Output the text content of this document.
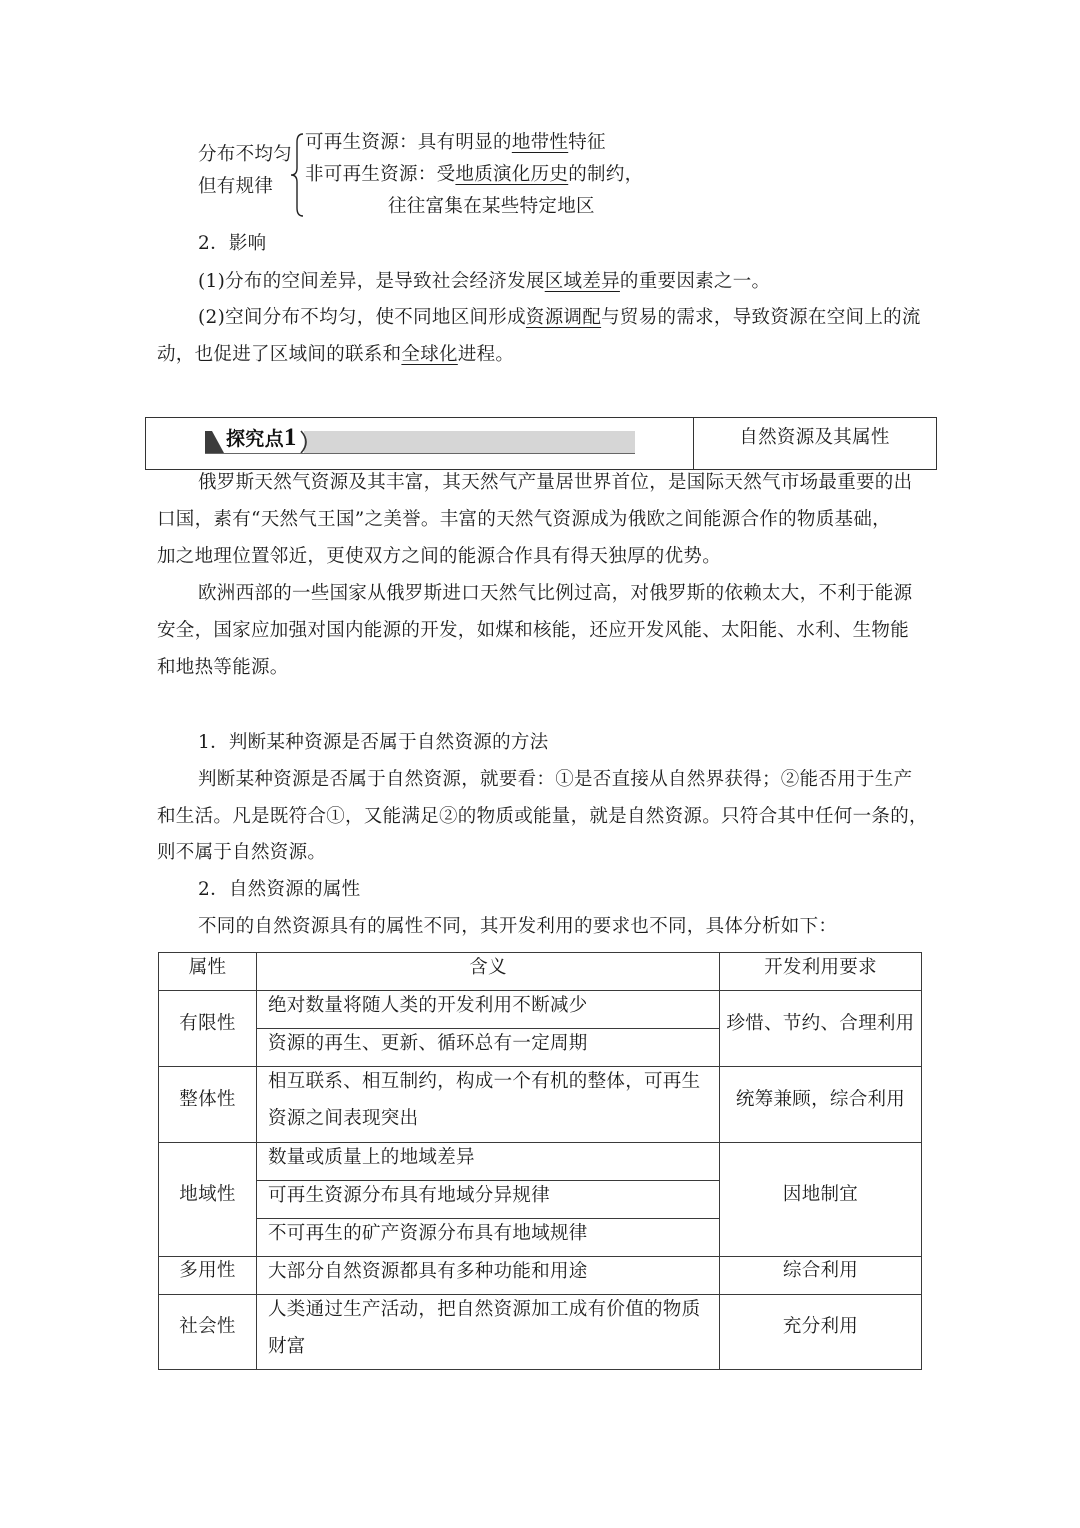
分布不均匀
但有规律
可再生资源：具有明显的地带性特征
非可再生资源：受地质演化历史的制约，
往往富集在某些特定地区
2．影响
(1)分布的空间差异，是导致社会经济发展区域差异的重要因素之一。
(2)空间分布不均匀，使不同地区间形成资源调配与贸易的需求，导致资源在空间上的流
动，也促进了区域间的联系和全球化进程。
探究点1	自然资源及其属性
俄罗斯天然气资源及其丰富，其天然气产量居世界首位，是国际天然气市场最重要的出
口国，素有“天然气王国”之美誉。丰富的天然气资源成为俄欧之间能源合作的物质基础，
加之地理位置邻近，更使双方之间的能源合作具有得天独厚的优势。
欧洲西部的一些国家从俄罗斯进口天然气比例过高，对俄罗斯的依赖太大，不利于能源
安全，国家应加强对国内能源的开发，如煤和核能，还应开发风能、太阳能、水利、生物能
和地热等能源。
1．判断某种资源是否属于自然资源的方法
判断某种资源是否属于自然资源，就要看：①是否直接从自然界获得；②能否用于生产
和生活。凡是既符合①，又能满足②的物质或能量，就是自然资源。只符合其中任何一条的，
则不属于自然资源。
2．自然资源的属性
不同的自然资源具有的属性不同，其开发利用的要求也不同，具体分析如下：
属性	含义	开发利用要求

有限性	绝对数量将随人类的开发利用不断减少	珍惜、节约、合理利用

	资源的再生、更新、循环总有一定周期	

整体性	相互联系、相互制约，构成一个有机的整体，可再生
资源之间表现突出	统筹兼顾，综合利用

地域性	数量或质量上的地域差异	因地制宜

	可再生资源分布具有地域分异规律	

	不可再生的矿产资源分布具有地域规律	

多用性	大部分自然资源都具有多种功能和用途	综合利用

社会性	人类通过生产活动，把自然资源加工成有价值的物质
财富	充分利用
